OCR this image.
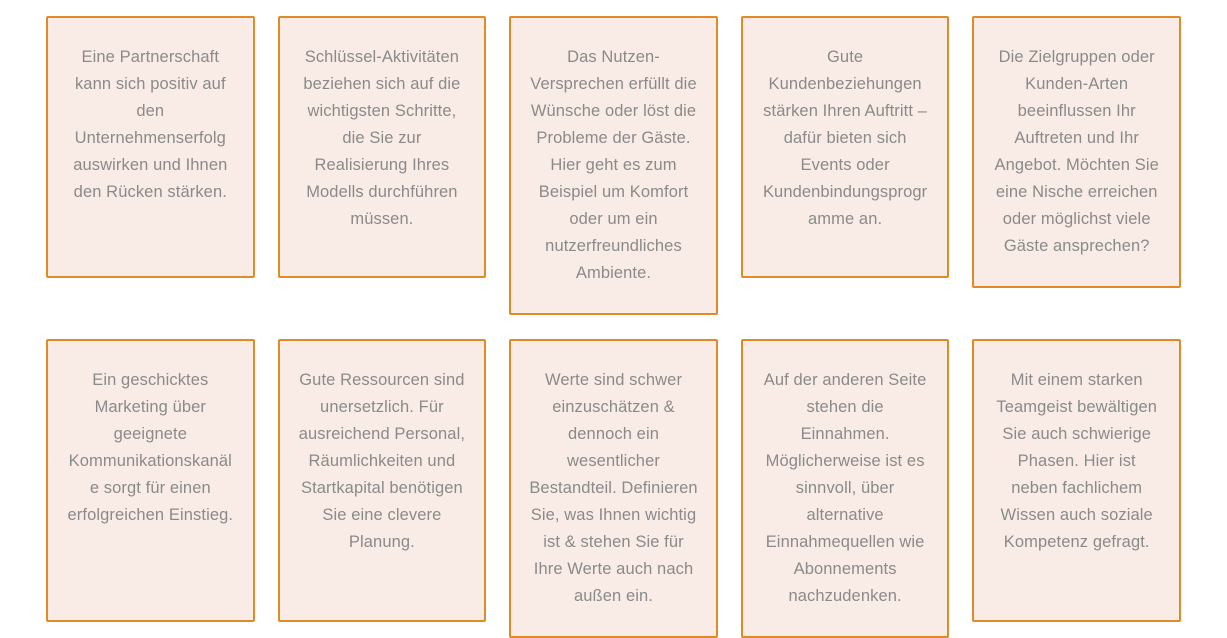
Eine Partnerschaft kann sich positiv auf den Unternehmenserfolg auswirken und Ihnen den Rücken stärken.
Schlüssel-Aktivitäten beziehen sich auf die wichtigsten Schritte, die Sie zur Realisierung Ihres Modells durchführen müssen.
Das Nutzen-Versprechen erfüllt die Wünsche oder löst die Probleme der Gäste. Hier geht es zum Beispiel um Komfort oder um ein nutzerfreundliches Ambiente.
Gute Kundenbeziehungen stärken Ihren Auftritt – dafür bieten sich Events oder Kundenbindungsprogramme an.
Die Zielgruppen oder Kunden-Arten beeinflussen Ihr Auftreten und Ihr Angebot. Möchten Sie eine Nische erreichen oder möglichst viele Gäste ansprechen?
Ein geschicktes Marketing über geeignete Kommunikationskanäle sorgt für einen erfolgreichen Einstieg.
Gute Ressourcen sind unersetzlich. Für ausreichend Personal, Räumlichkeiten und Startkapital benötigen Sie eine clevere Planung.
Werte sind schwer einzuschätzen & dennoch ein wesentlicher Bestandteil. Definieren Sie, was Ihnen wichtig ist & stehen Sie für Ihre Werte auch nach außen ein.
Auf der anderen Seite stehen die Einnahmen. Möglicherweise ist es sinnvoll, über alternative Einnahmequellen wie Abonnements nachzudenken.
Mit einem starken Teamgeist bewältigen Sie auch schwierige Phasen. Hier ist neben fachlichem Wissen auch soziale Kompetenz gefragt.
